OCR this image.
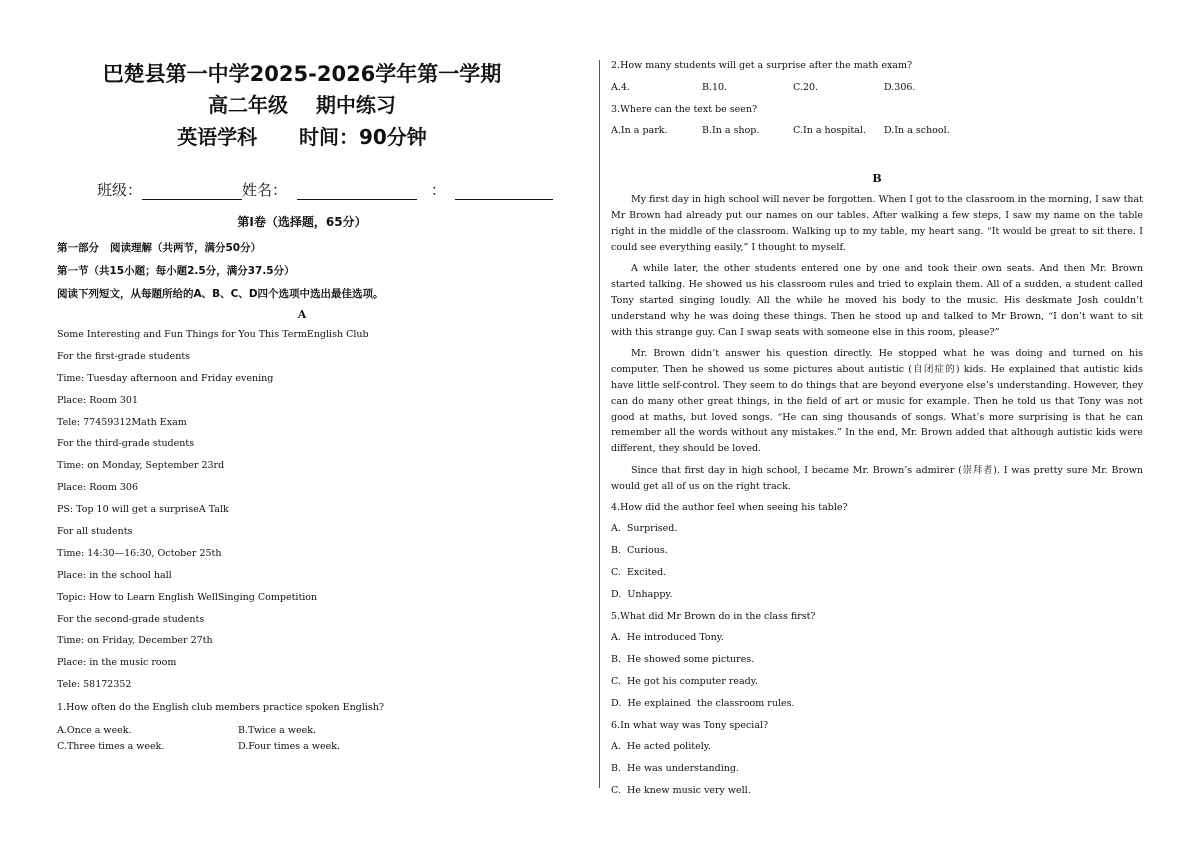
巴楚县第一中学2025-2026学年第一学期
高二年级    期中练习
英语学科      时间：90分钟
班级：	姓名：	：
第I卷（选择题，65分）
第一部分   阅读理解（共两节，满分50分）
第一节（共15小题；每小题2.5分，满分37.5分）
阅读下列短文，从每题所给的A、B、C、D四个选项中选出最佳选项。
A
Some Interesting and Fun Things for You This TermEnglish Club
For the first-grade students
Time: Tuesday afternoon and Friday evening
Place: Room 301
Tele: 77459312Math Exam
For the third-grade students
Time: on Monday, September 23rd
Place: Room 306
PS: Top 10 will get a surpriseA Talk
For all students
Time: 14:30—16:30, October 25th
Place: in the school hall
Topic: How to Learn English WellSinging Competition
For the second-grade students
Time: on Friday, December 27th
Place: in the music room
Tele: 58172352
1.How often do the English club members practice spoken English?
A.Once a week.	B.Twice a week.
C.Three times a week.	D.Four times a week.
2.How many students will get a surprise after the math exam?
A.4.	B.10.	C.20.	D.306.
3.Where can the text be seen?
A.In a park.	B.In a shop.	C.In a hospital.	D.In a school.
B

My first day in high school will never be forgotten. When I got to the classroom in the morning, I saw that Mr Brown had already put our names on our tables. After walking a few steps, I saw my name on the table right in the middle of the classroom. Walking up to my table, my heart sang. “It would be great to sit there. I could see everything easily,” I thought to myself.

A while later, the other students entered one by one and took their own seats. And then Mr. Brown started talking. He showed us his classroom rules and tried to explain them. All of a sudden, a student called Tony started singing loudly. All the while he moved his body to the music. His deskmate Josh couldn’t understand why he was doing these things. Then he stood up and talked to Mr Brown, “I don’t want to sit with this strange guy. Can I swap seats with someone else in this room, please?”

Mr. Brown didn’t answer his question directly. He stopped what he was doing and turned on his computer. Then he showed us some pictures about autistic (自闭症的) kids. He explained that autistic kids have little self-control. They seem to do things that are beyond everyone else’s understanding. However, they can do many other great things, in the field of art or music for example. Then he told us that Tony was not good at maths, but loved songs. “He can sing thousands of songs. What’s more surprising is that he can remember all the words without any mistakes.” In the end, Mr. Brown added that although autistic kids were different, they should be loved.

Since that first day in high school, I became Mr. Brown’s admirer (崇拜者). I was pretty sure Mr. Brown would get all of us on the right track.

4.How did the author feel when seeing his table?
A.  Surprised.
B.  Curious.
C.  Excited.
D.  Unhappy.
5.What did Mr Brown do in the class first?
A.  He introduced Tony.
B.  He showed some pictures.
C.  He got his computer ready.
D.  He explained  the classroom rules.
6.In what way was Tony special?
A.  He acted politely.
B.  He was understanding.
C.  He knew music very well.
